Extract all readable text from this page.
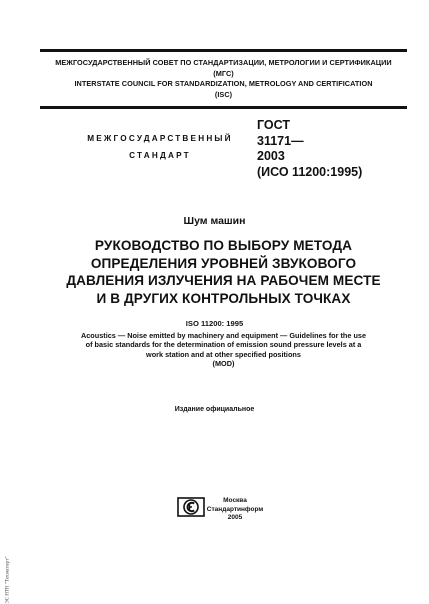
МЕЖГОСУДАРСТВЕННЫЙ СОВЕТ ПО СТАНДАРТИЗАЦИИ, МЕТРОЛОГИИ И СЕРТИФИКАЦИИ
(МГС)
INTERSTATE COUNCIL FOR STANDARDIZATION, METROLOGY AND CERTIFICATION
(ISC)
МЕЖГОСУДАРСТВЕННЫЙ
СТАНДАРТ
ГОСТ
31171—
2003
(ИСО 11200:1995)
Шум машин
РУКОВОДСТВО ПО ВЫБОРУ МЕТОДА
ОПРЕДЕЛЕНИЯ УРОВНЕЙ ЗВУКОВОГО
ДАВЛЕНИЯ ИЗЛУЧЕНИЯ НА РАБОЧЕМ МЕСТЕ
И В ДРУГИХ КОНТРОЛЬНЫХ ТОЧКАХ
ISO 11200: 1995
Acoustics — Noise emitted by machinery and equipment — Guidelines for the use
of basic standards for the determination of emission sound pressure levels at a
work station and at other specified positions
(MOD)
Издание официальное
Москва
Стандартинформ
2005
ЭС НТН "Техэксперт"
